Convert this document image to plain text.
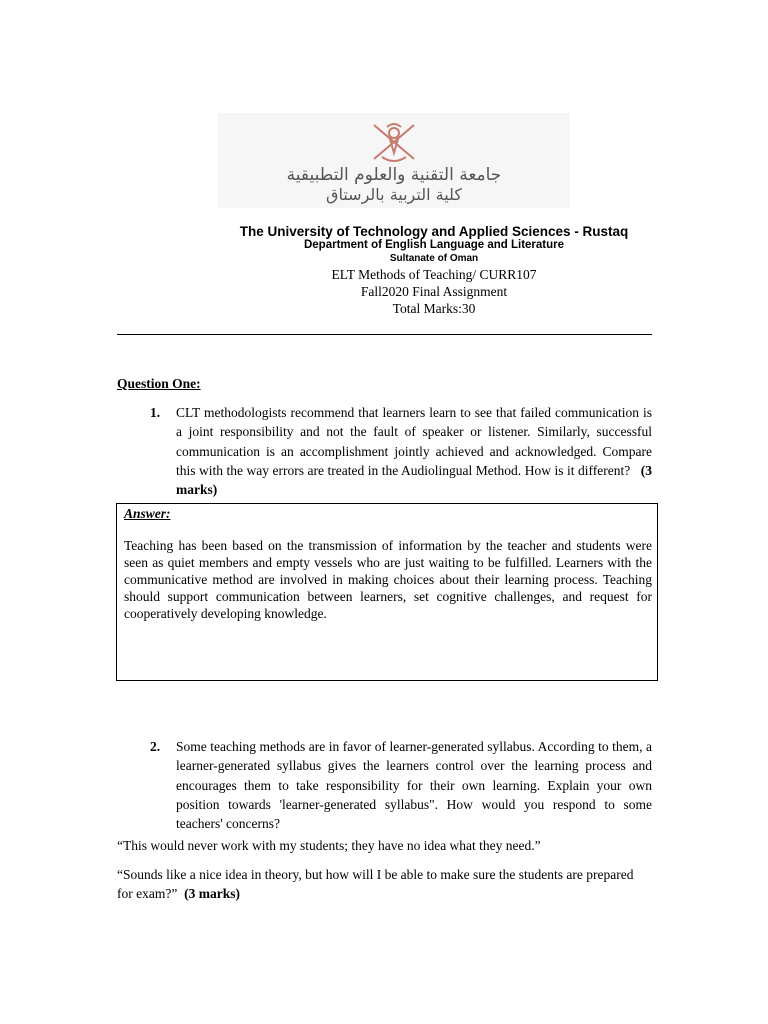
جامعة التقنية والعلوم التطبيقية
كلية التربية بالرستاق
The University of Technology and Applied Sciences - Rustaq
Department of English Language and Literature
Sultanate of Oman
ELT Methods of Teaching/ CURR107
Fall2020 Final Assignment
Total Marks:30
Question One:
1. CLT methodologists recommend that learners learn to see that failed communication is a joint responsibility and not the fault of speaker or listener. Similarly, successful communication is an accomplishment jointly achieved and acknowledged. Compare this with the way errors are treated in the Audiolingual Method. How is it different? (3 marks)
Answer:
Teaching has been based on the transmission of information by the teacher and students were seen as quiet members and empty vessels who are just waiting to be fulfilled. Learners with the communicative method are involved in making choices about their learning process. Teaching should support communication between learners, set cognitive challenges, and request for cooperatively developing knowledge.
2. Some teaching methods are in favor of learner-generated syllabus. According to them, a learner-generated syllabus gives the learners control over the learning process and encourages them to take responsibility for their own learning. Explain your own position towards 'learner-generated syllabus". How would you respond to some teachers' concerns?
“This would never work with my students; they have no idea what they need.”
“Sounds like a nice idea in theory, but how will I be able to make sure the students are prepared for exam?” (3 marks)
